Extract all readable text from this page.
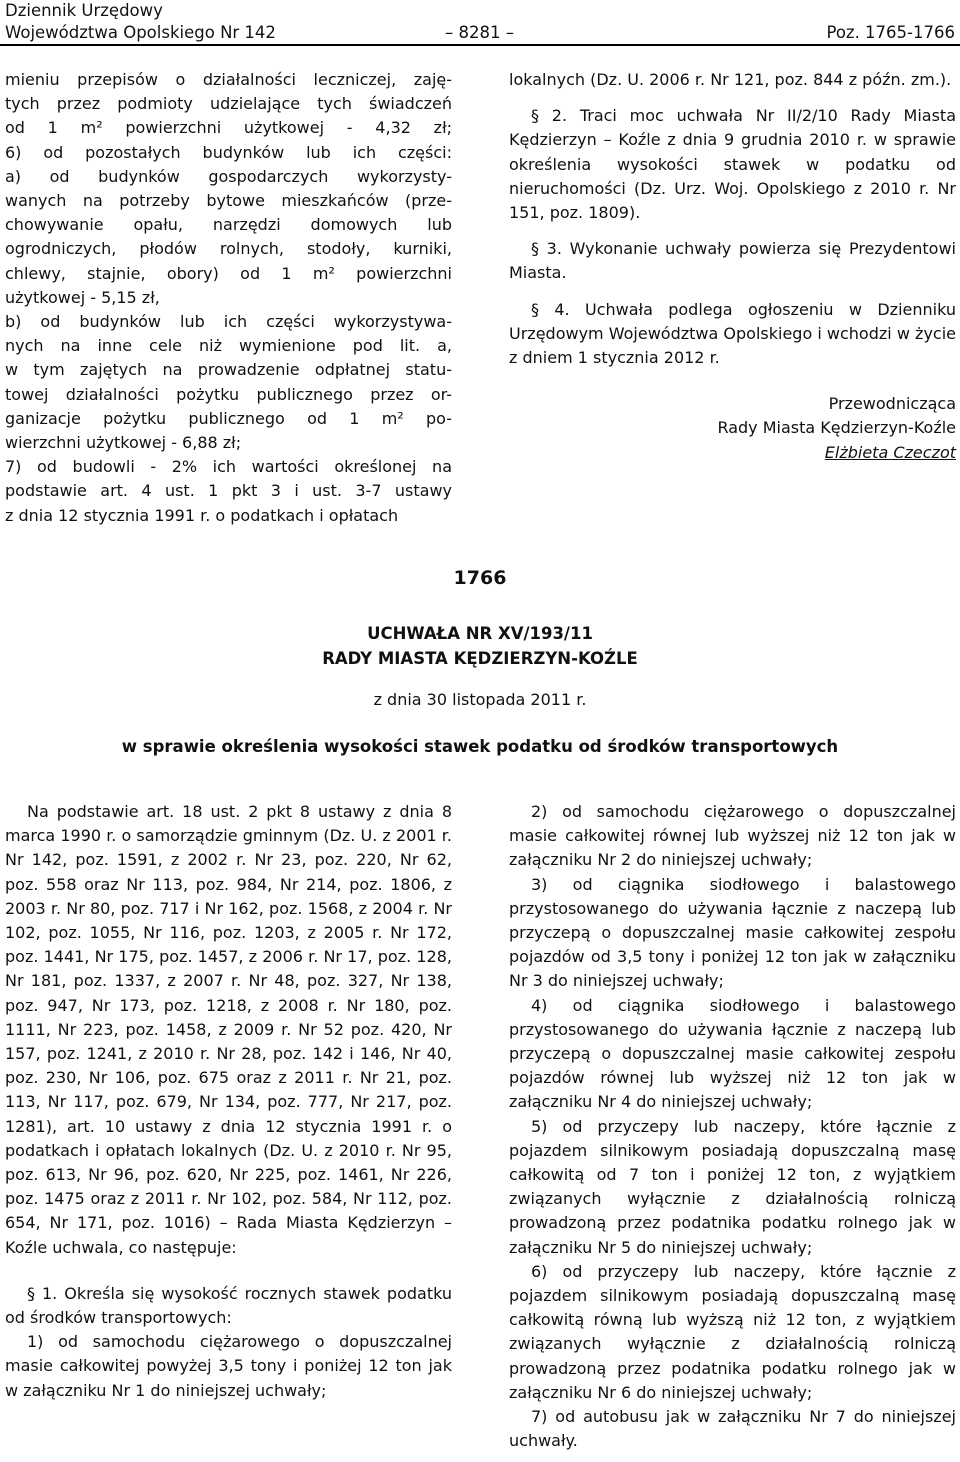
Dziennik Urzędowy
Województwa Opolskiego Nr 142	– 8281 –	Poz. 1765-1766
mieniu przepisów o działalności leczniczej, zaję-
tych przez podmioty udzielające tych świadczeń
od 1 m² powierzchni użytkowej - 4,32 zł;
6) od pozostałych budynków lub ich części:
a) od budynków gospodarczych wykorzysty-
wanych na potrzeby bytowe mieszkańców (prze-
chowywanie opału, narzędzi domowych lub
ogrodniczych, płodów rolnych, stodoły, kurniki,
chlewy, stajnie, obory) od 1 m² powierzchni
użytkowej - 5,15 zł,
b) od budynków lub ich części wykorzystywa-
nych na inne cele niż wymienione pod lit. a,
w tym zajętych na prowadzenie odpłatnej statu-
towej działalności pożytku publicznego przez or-
ganizacje pożytku publicznego od 1 m² po-
wierzchni użytkowej - 6,88 zł;
7) od budowli - 2% ich wartości określonej na
podstawie art. 4 ust. 1 pkt 3 i ust. 3-7 ustawy
z dnia 12 stycznia 1991 r. o podatkach i opłatach

lokalnych (Dz. U. 2006 r. Nr 121, poz. 844 z późn. zm.).

§ 2. Traci moc uchwała Nr II/2/10 Rady Miasta Kędzierzyn – Koźle z dnia 9 grudnia 2010 r. w sprawie określenia wysokości stawek w podatku od nieruchomości (Dz. Urz. Woj. Opolskiego z 2010 r. Nr 151, poz. 1809).

§ 3. Wykonanie uchwały powierza się Prezydentowi Miasta.

§ 4. Uchwała podlega ogłoszeniu w Dzienniku Urzędowym Województwa Opolskiego i wchodzi w życie z dniem 1 stycznia 2012 r.

Przewodnicząca

Rady Miasta Kędzierzyn-Koźle

Elżbieta Czeczot

1766
UCHWAŁA NR XV/193/11
RADY MIASTA KĘDZIERZYN-KOŹLE
z dnia 30 listopada 2011 r.
w sprawie określenia wysokości stawek podatku od środków transportowych

Na podstawie art. 18 ust. 2 pkt 8 ustawy z dnia 8 marca 1990 r. o samorządzie gminnym (Dz. U. z 2001 r. Nr 142, poz. 1591, z 2002 r. Nr 23, poz. 220, Nr 62, poz. 558 oraz Nr 113, poz. 984, Nr 214, poz. 1806, z 2003 r. Nr 80, poz. 717 i Nr 162, poz. 1568, z 2004 r. Nr 102, poz. 1055, Nr 116, poz. 1203, z 2005 r. Nr 172, poz. 1441, Nr 175, poz. 1457, z 2006 r. Nr 17, poz. 128, Nr 181, poz. 1337, z 2007 r. Nr 48, poz. 327, Nr 138, poz. 947, Nr 173, poz. 1218, z 2008 r. Nr 180, poz. 1111, Nr 223, poz. 1458, z 2009 r. Nr 52 poz. 420, Nr 157, poz. 1241, z 2010 r. Nr 28, poz. 142 i 146, Nr 40, poz. 230, Nr 106, poz. 675 oraz z 2011 r. Nr 21, poz. 113, Nr 117, poz. 679, Nr 134, poz. 777, Nr 217, poz. 1281), art. 10 ustawy z dnia 12 stycznia 1991 r. o podatkach i opłatach lokalnych (Dz. U. z 2010 r. Nr 95, poz. 613, Nr 96, poz. 620, Nr 225, poz. 1461, Nr 226, poz. 1475 oraz z 2011 r. Nr 102, poz. 584, Nr 112, poz. 654, Nr 171, poz. 1016) – Rada Miasta Kędzierzyn – Koźle uchwala, co następuje:

§ 1. Określa się wysokość rocznych stawek podatku od środków transportowych:

1) od samochodu ciężarowego o dopuszczalnej masie całkowitej powyżej 3,5 tony i poniżej 12 ton jak w załączniku Nr 1 do niniejszej uchwały;

2) od samochodu ciężarowego o dopuszczalnej masie całkowitej równej lub wyższej niż 12 ton jak w załączniku Nr 2 do niniejszej uchwały;

3) od ciągnika siodłowego i balastowego przystosowanego do używania łącznie z naczepą lub przyczepą o dopuszczalnej masie całkowitej zespołu pojazdów od 3,5 tony i poniżej 12 ton jak w załączniku Nr 3 do niniejszej uchwały;

4) od ciągnika siodłowego i balastowego przystosowanego do używania łącznie z naczepą lub przyczepą o dopuszczalnej masie całkowitej zespołu pojazdów równej lub wyższej niż 12 ton jak w załączniku Nr 4 do niniejszej uchwały;

5) od przyczepy lub naczepy, które łącznie z pojazdem silnikowym posiadają dopuszczalną masę całkowitą od 7 ton i poniżej 12 ton, z wyjątkiem związanych wyłącznie z działalnością rolniczą prowadzoną przez podatnika podatku rolnego jak w załączniku Nr 5 do niniejszej uchwały;

6) od przyczepy lub naczepy, które łącznie z pojazdem silnikowym posiadają dopuszczalną masę całkowitą równą lub wyższą niż 12 ton, z wyjątkiem związanych wyłącznie z działalnością rolniczą prowadzoną przez podatnika podatku rolnego jak w załączniku Nr 6 do niniejszej uchwały;

7) od autobusu jak w załączniku Nr 7 do niniejszej uchwały.
